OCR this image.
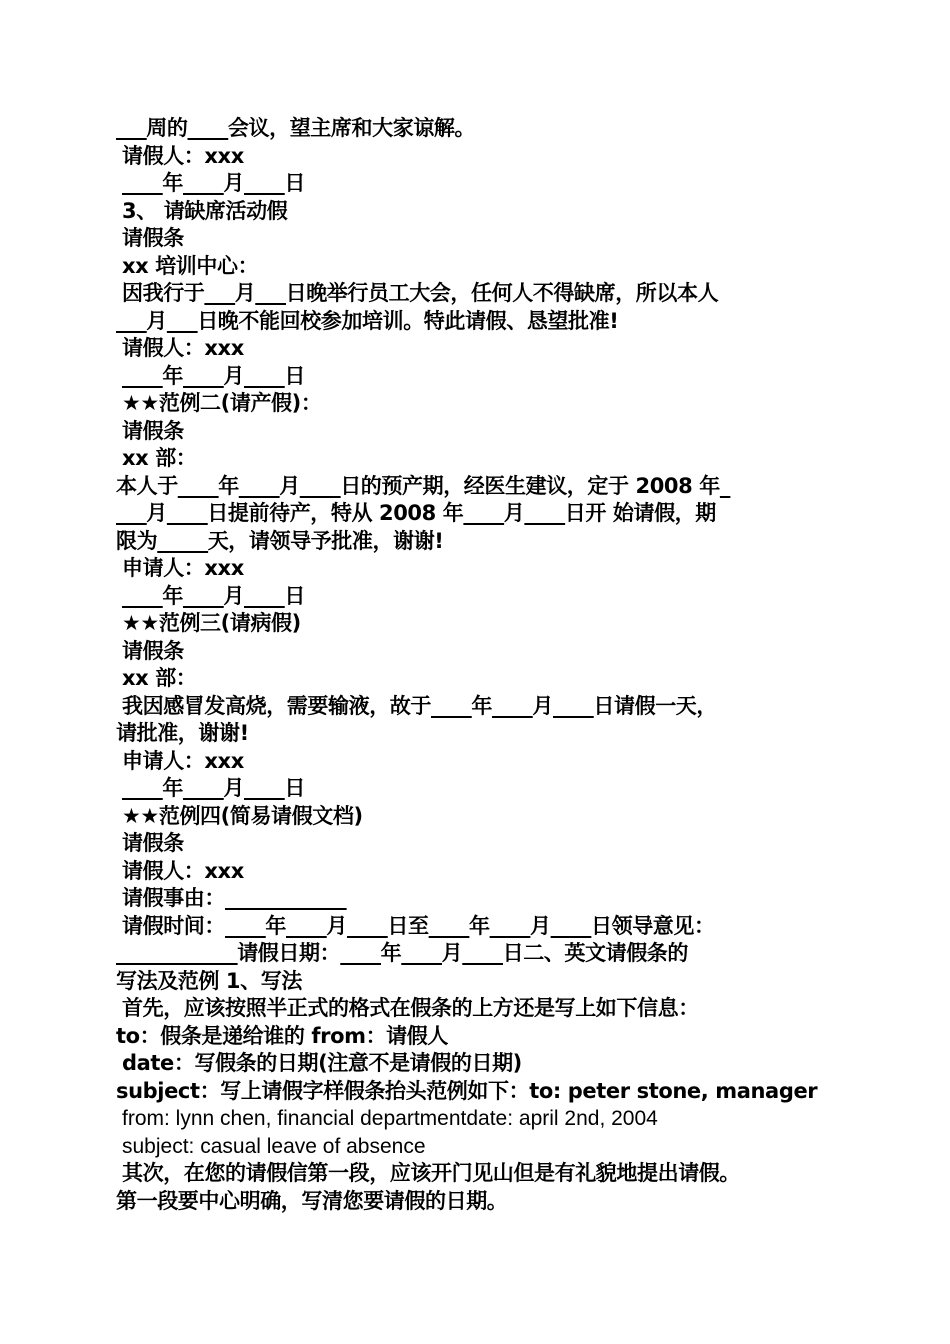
___周的____会议，望主席和大家谅解。
请假人：xxx
____年____月____日
3、 请缺席活动假
请假条
xx 培训中心：
因我行于___月___日晚举行员工大会，任何人不得缺席，所以本人
___月___日晚不能回校参加培训。特此请假、恳望批准!
请假人：xxx
____年____月____日
★★范例二(请产假)：
请假条
xx 部：
本人于____年____月____日的预产期，经医生建议，定于 2008 年_
___月____日提前待产，特从 2008 年____月____日开 始请假，期
限为_____天，请领导予批准，谢谢!
申请人：xxx
____年____月____日
★★范例三(请病假)
请假条
xx 部：
我因感冒发高烧，需要输液，故于____年____月____日请假一天，
请批准，谢谢!
申请人：xxx
____年____月____日
★★范例四(简易请假文档)
请假条
请假人：xxx
请假事由：____________
请假时间：____年____月____日至____年____月____日领导意见：
____________请假日期：____年____月____日二、英文请假条的
写法及范例 1、写法
首先，应该按照半正式的格式在假条的上方还是写上如下信息：
to：假条是递给谁的 from：请假人
date：写假条的日期(注意不是请假的日期)
subject：写上请假字样假条抬头范例如下：to: peter stone, manager
from: lynn chen, financial departmentdate: april 2nd, 2004
subject: casual leave of absence
其次，在您的请假信第一段，应该开门见山但是有礼貌地提出请假。
第一段要中心明确，写清您要请假的日期。
